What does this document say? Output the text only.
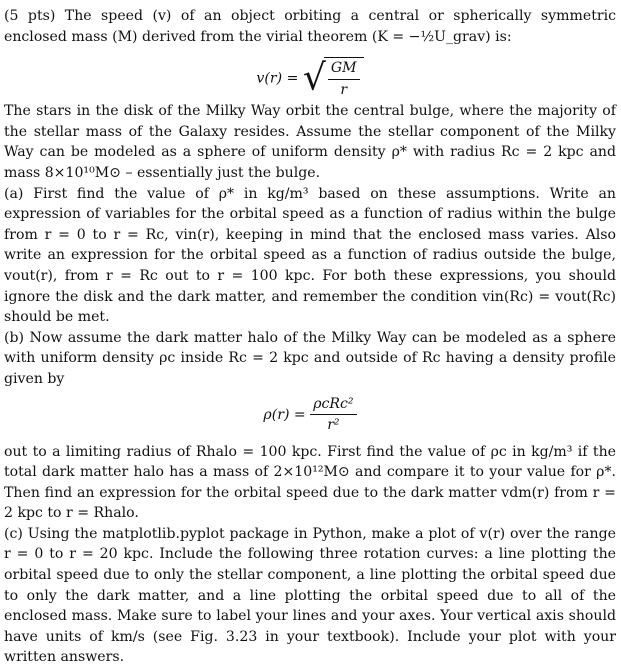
(5 pts) The speed (v) of an object orbiting a central or spherically symmetric enclosed mass (M) derived from the virial theorem (K = −½U_grav) is:

v(r) = √ $\frac{GM}{r}$

The stars in the disk of the Milky Way orbit the central bulge, where the majority of the stellar mass of the Galaxy resides. Assume the stellar component of the Milky Way can be modeled as a sphere of uniform density ρ* with radius Rc = 2 kpc and mass 8×10¹⁰M⊙ – essentially just the bulge.

(a) First find the value of ρ* in kg/m³ based on these assumptions. Write an expression of variables for the orbital speed as a function of radius within the bulge from r = 0 to r = Rc, vin(r), keeping in mind that the enclosed mass varies. Also write an expression for the orbital speed as a function of radius outside the bulge, vout(r), from r = Rc out to r = 100 kpc. For both these expressions, you should ignore the disk and the dark matter, and remember the condition vin(Rc) = vout(Rc) should be met.

(b) Now assume the dark matter halo of the Milky Way can be modeled as a sphere with uniform density ρc inside Rc = 2 kpc and outside of Rc having a density profile given by

$\rho(r) = \frac{\text{ρcRc²}}{\text{r²}}$

out to a limiting radius of Rhalo = 100 kpc. First find the value of ρc in kg/m³ if the total dark matter halo has a mass of 2×10¹²M⊙ and compare it to your value for ρ*. Then find an expression for the orbital speed due to the dark matter vdm(r) from r = 2 kpc to r = Rhalo.

(c) Using the matplotlib.pyplot package in Python, make a plot of v(r) over the range r = 0 to r = 20 kpc. Include the following three rotation curves: a line plotting the orbital speed due to only the stellar component, a line plotting the orbital speed due to only the dark matter, and a line plotting the orbital speed due to all of the enclosed mass. Make sure to label your lines and your axes. Your vertical axis should have units of km/s (see Fig. 3.23 in your textbook). Include your plot with your written answers.
